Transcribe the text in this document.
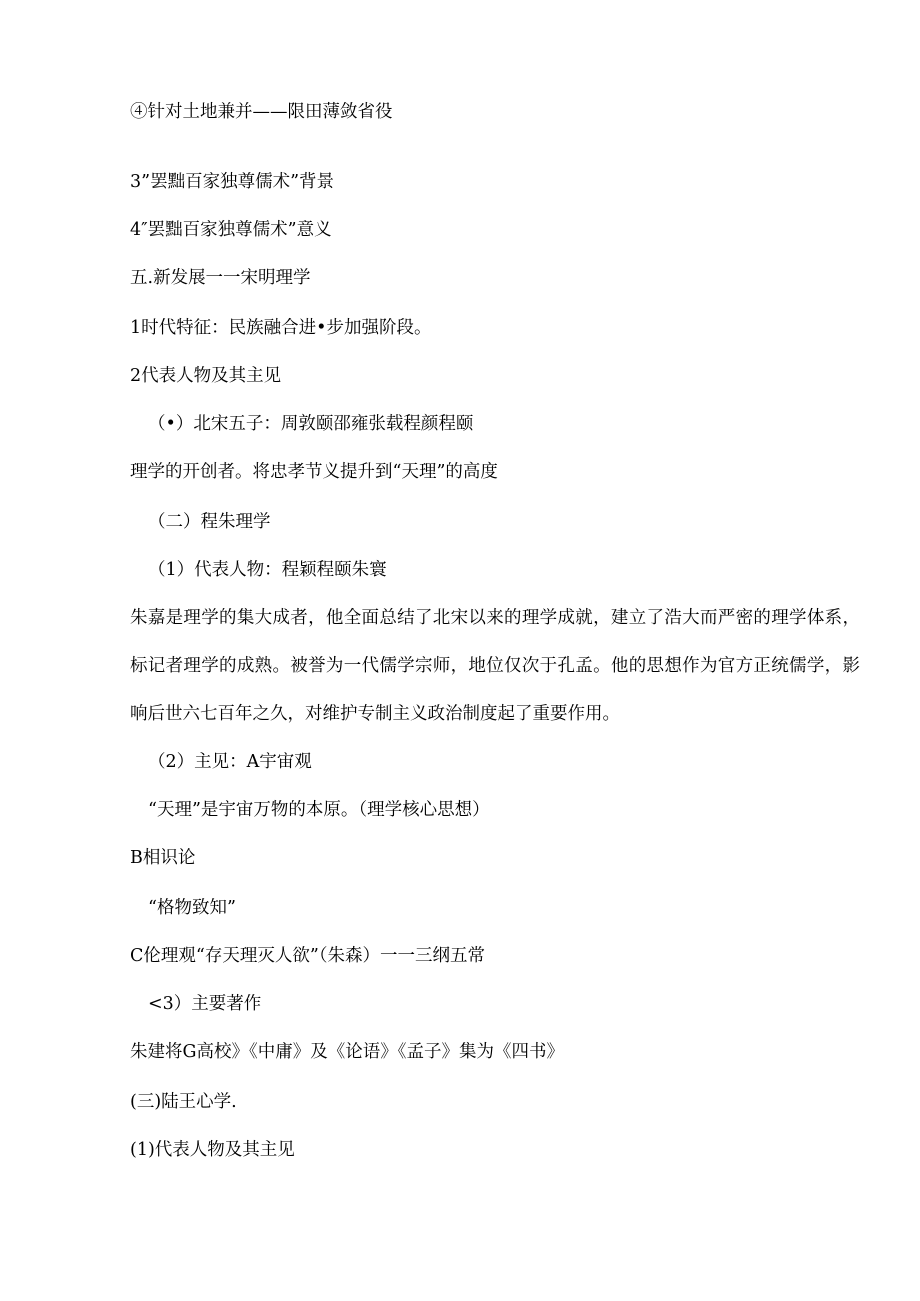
④针对土地兼并——限田薄敛省役

3”罢黜百家独尊儒术”背景

4″罢黜百家独尊儒术”意义

五.新发展一一宋明理学

1时代特征：民族融合进•步加强阶段。

2代表人物及其主见

（•）北宋五子：周敦颐邵雍张载程颜程颐

理学的开创者。将忠孝节义提升到“天理”的高度

（二）程朱理学

（1）代表人物：程颖程颐朱寰

朱嘉是理学的集大成者，他全面总结了北宋以来的理学成就，建立了浩大而严密的理学体系，标记者理学的成熟。被誉为一代儒学宗师，地位仅次于孔孟。他的思想作为官方正统儒学，影响后世六七百年之久，对维护专制主义政治制度起了重要作用。

（2）主见：A宇宙观

“天理”是宇宙万物的本原。（理学核心思想）

B相识论

“格物致知”

C伦理观“存天理灭人欲”（朱森）一一三纲五常

<3）主要著作

朱建将G高校》《中庸》及《论语》《孟子》集为《四书》

(三)陆王心学.

(1)代表人物及其主见
